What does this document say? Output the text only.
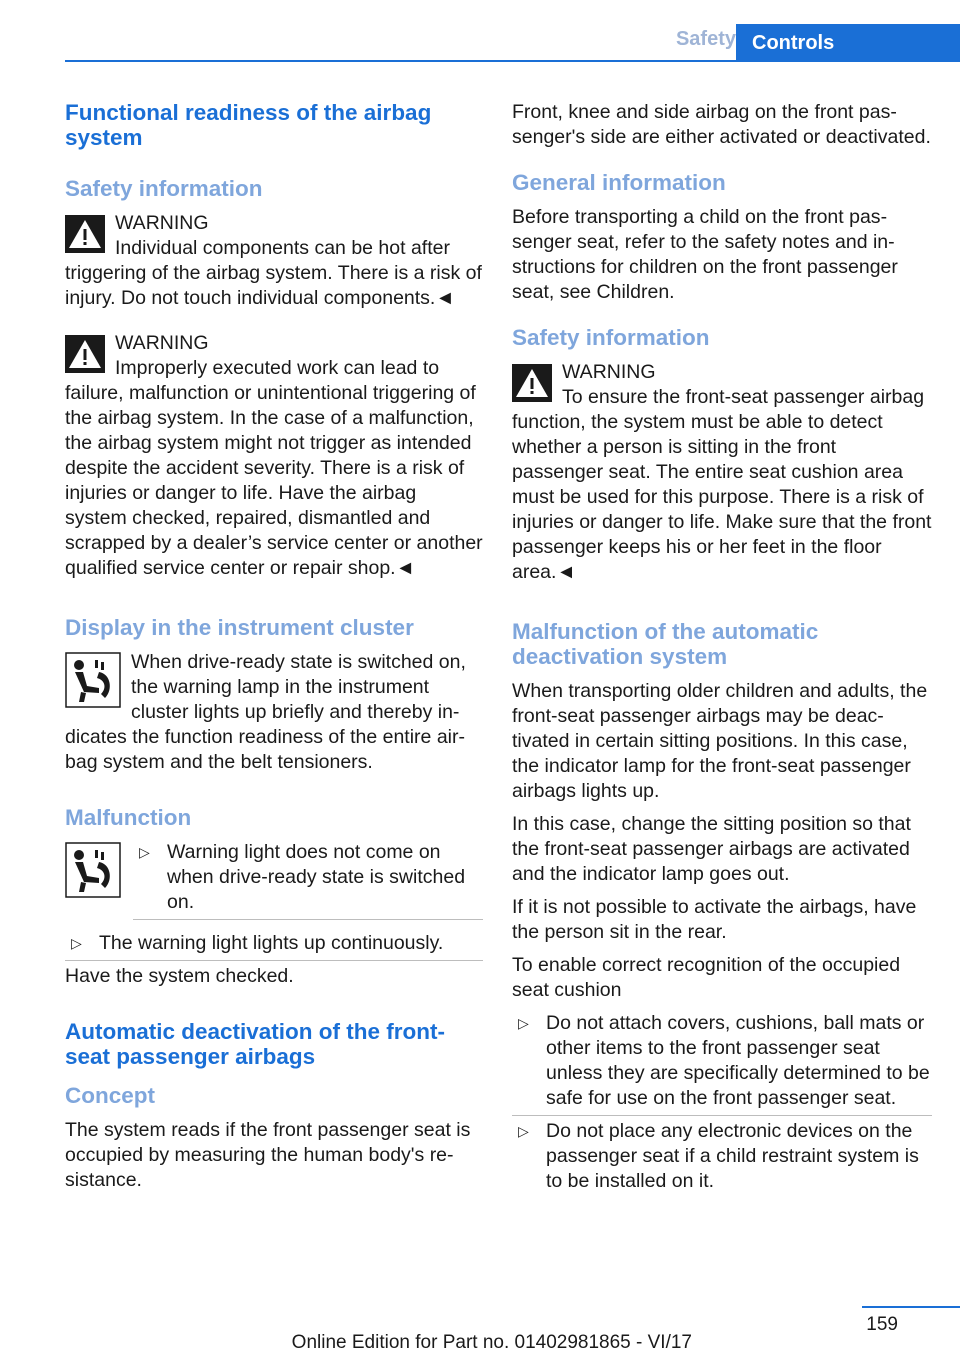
Safety Controls
Functional readiness of the airbag system
Safety information
WARNING
Individual components can be hot after triggering of the airbag system. There is a risk of injury. Do not touch individual components.◄
WARNING
Improperly executed work can lead to failure, malfunction or unintentional triggering of the airbag system. In the case of a malfunction, the airbag system might not trigger as intended despite the accident severity. There is a risk of injuries or danger to life. Have the airbag system checked, repaired, dismantled and scrapped by a dealer’s service center or another qualified service center or repair shop.◄
Display in the instrument cluster

When drive-ready state is switched on, the warning lamp in the instrument cluster lights up briefly and thereby indicates the function readiness of the entire airbag system and the belt tensioners.

Malfunction
▷ Warning light does not come on when drive-ready state is switched on.
▷ The warning light lights up continuously.

Have the system checked.

Automatic deactivation of the front-seat passenger airbags
Concept

The system reads if the front passenger seat is occupied by measuring the human body's resistance.

Front, knee and side airbag on the front passenger's side are either activated or deactivated.

General information

Before transporting a child on the front passenger seat, refer to the safety notes and instructions for children on the front passenger seat, see Children.

Safety information
WARNING
To ensure the front-seat passenger airbag function, the system must be able to detect whether a person is sitting in the front passenger seat. The entire seat cushion area must be used for this purpose. There is a risk of injuries or danger to life. Make sure that the front passenger keeps his or her feet in the floor area.◄
Malfunction of the automatic deactivation system

When transporting older children and adults, the front-seat passenger airbags may be deactivated in certain sitting positions. In this case, the indicator lamp for the front-seat passenger airbags lights up.

In this case, change the sitting position so that the front-seat passenger airbags are activated and the indicator lamp goes out.

If it is not possible to activate the airbags, have the person sit in the rear.

To enable correct recognition of the occupied seat cushion

▷ Do not attach covers, cushions, ball mats or other items to the front passenger seat unless they are specifically determined to be safe for use on the front passenger seat.
▷ Do not place any electronic devices on the passenger seat if a child restraint system is to be installed on it.
159
Online Edition for Part no. 01402981865 - VI/17
